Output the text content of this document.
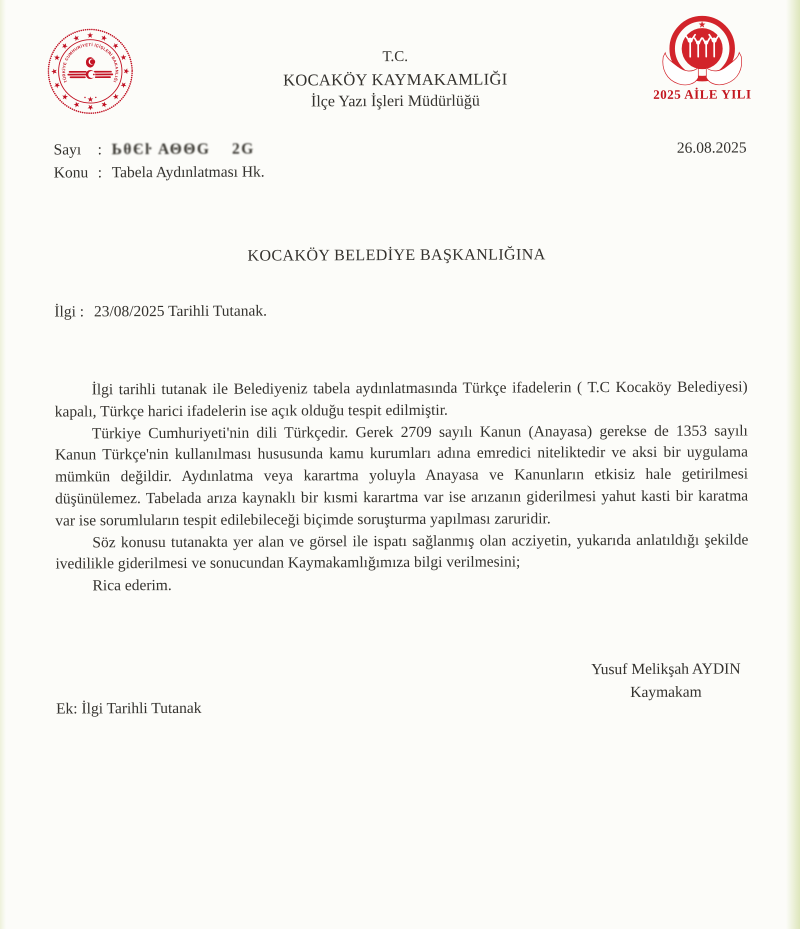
TÜRKİYE CUMHURİYETİ İÇİŞLERİ BAKANLIĞI
T.C.
KOCAKÖY KAYMAKAMLIĞI
İlçe Yazı İşleri Müdürlüğü	2025 AİLE YILI
Sayı	: ЬθЄŀ ΑΘΘG    2G
Konu : Tabela Aydınlatması Hk.
26.08.2025
KOCAKÖY BELEDİYE BAŞKANLIĞINA
İlgi : 23/08/2025 Tarihli Tutanak.

İlgi tarihli tutanak ile Belediyeniz tabela aydınlatmasında Türkçe ifadelerin ( T.C Kocaköy Belediyesi) kapalı, Türkçe harici ifadelerin ise açık olduğu tespit edilmiştir.

Türkiye Cumhuriyeti'nin dili Türkçedir. Gerek 2709 sayılı Kanun (Anayasa) gerekse de 1353 sayılı Kanun Türkçe'nin kullanılması hususunda kamu kurumları adına emredici niteliktedir ve aksi bir uygulama mümkün değildir. Aydınlatma veya karartma yoluyla Anayasa ve Kanunların etkisiz hale getirilmesi düşünülemez. Tabelada arıza kaynaklı bir kısmi karartma var ise arızanın giderilmesi yahut kasti bir karatma var ise sorumluların tespit edilebileceği biçimde soruşturma yapılması zaruridir.

Söz konusu tutanakta yer alan ve görsel ile ispatı sağlanmış olan acziyetin, yukarıda anlatıldığı şekilde ivedilikle giderilmesi ve sonucundan Kaymakamlığımıza bilgi verilmesini;

Rica ederim.

Yusuf Melikşah AYDIN
Kaymakam
Ek: İlgi Tarihli Tutanak
